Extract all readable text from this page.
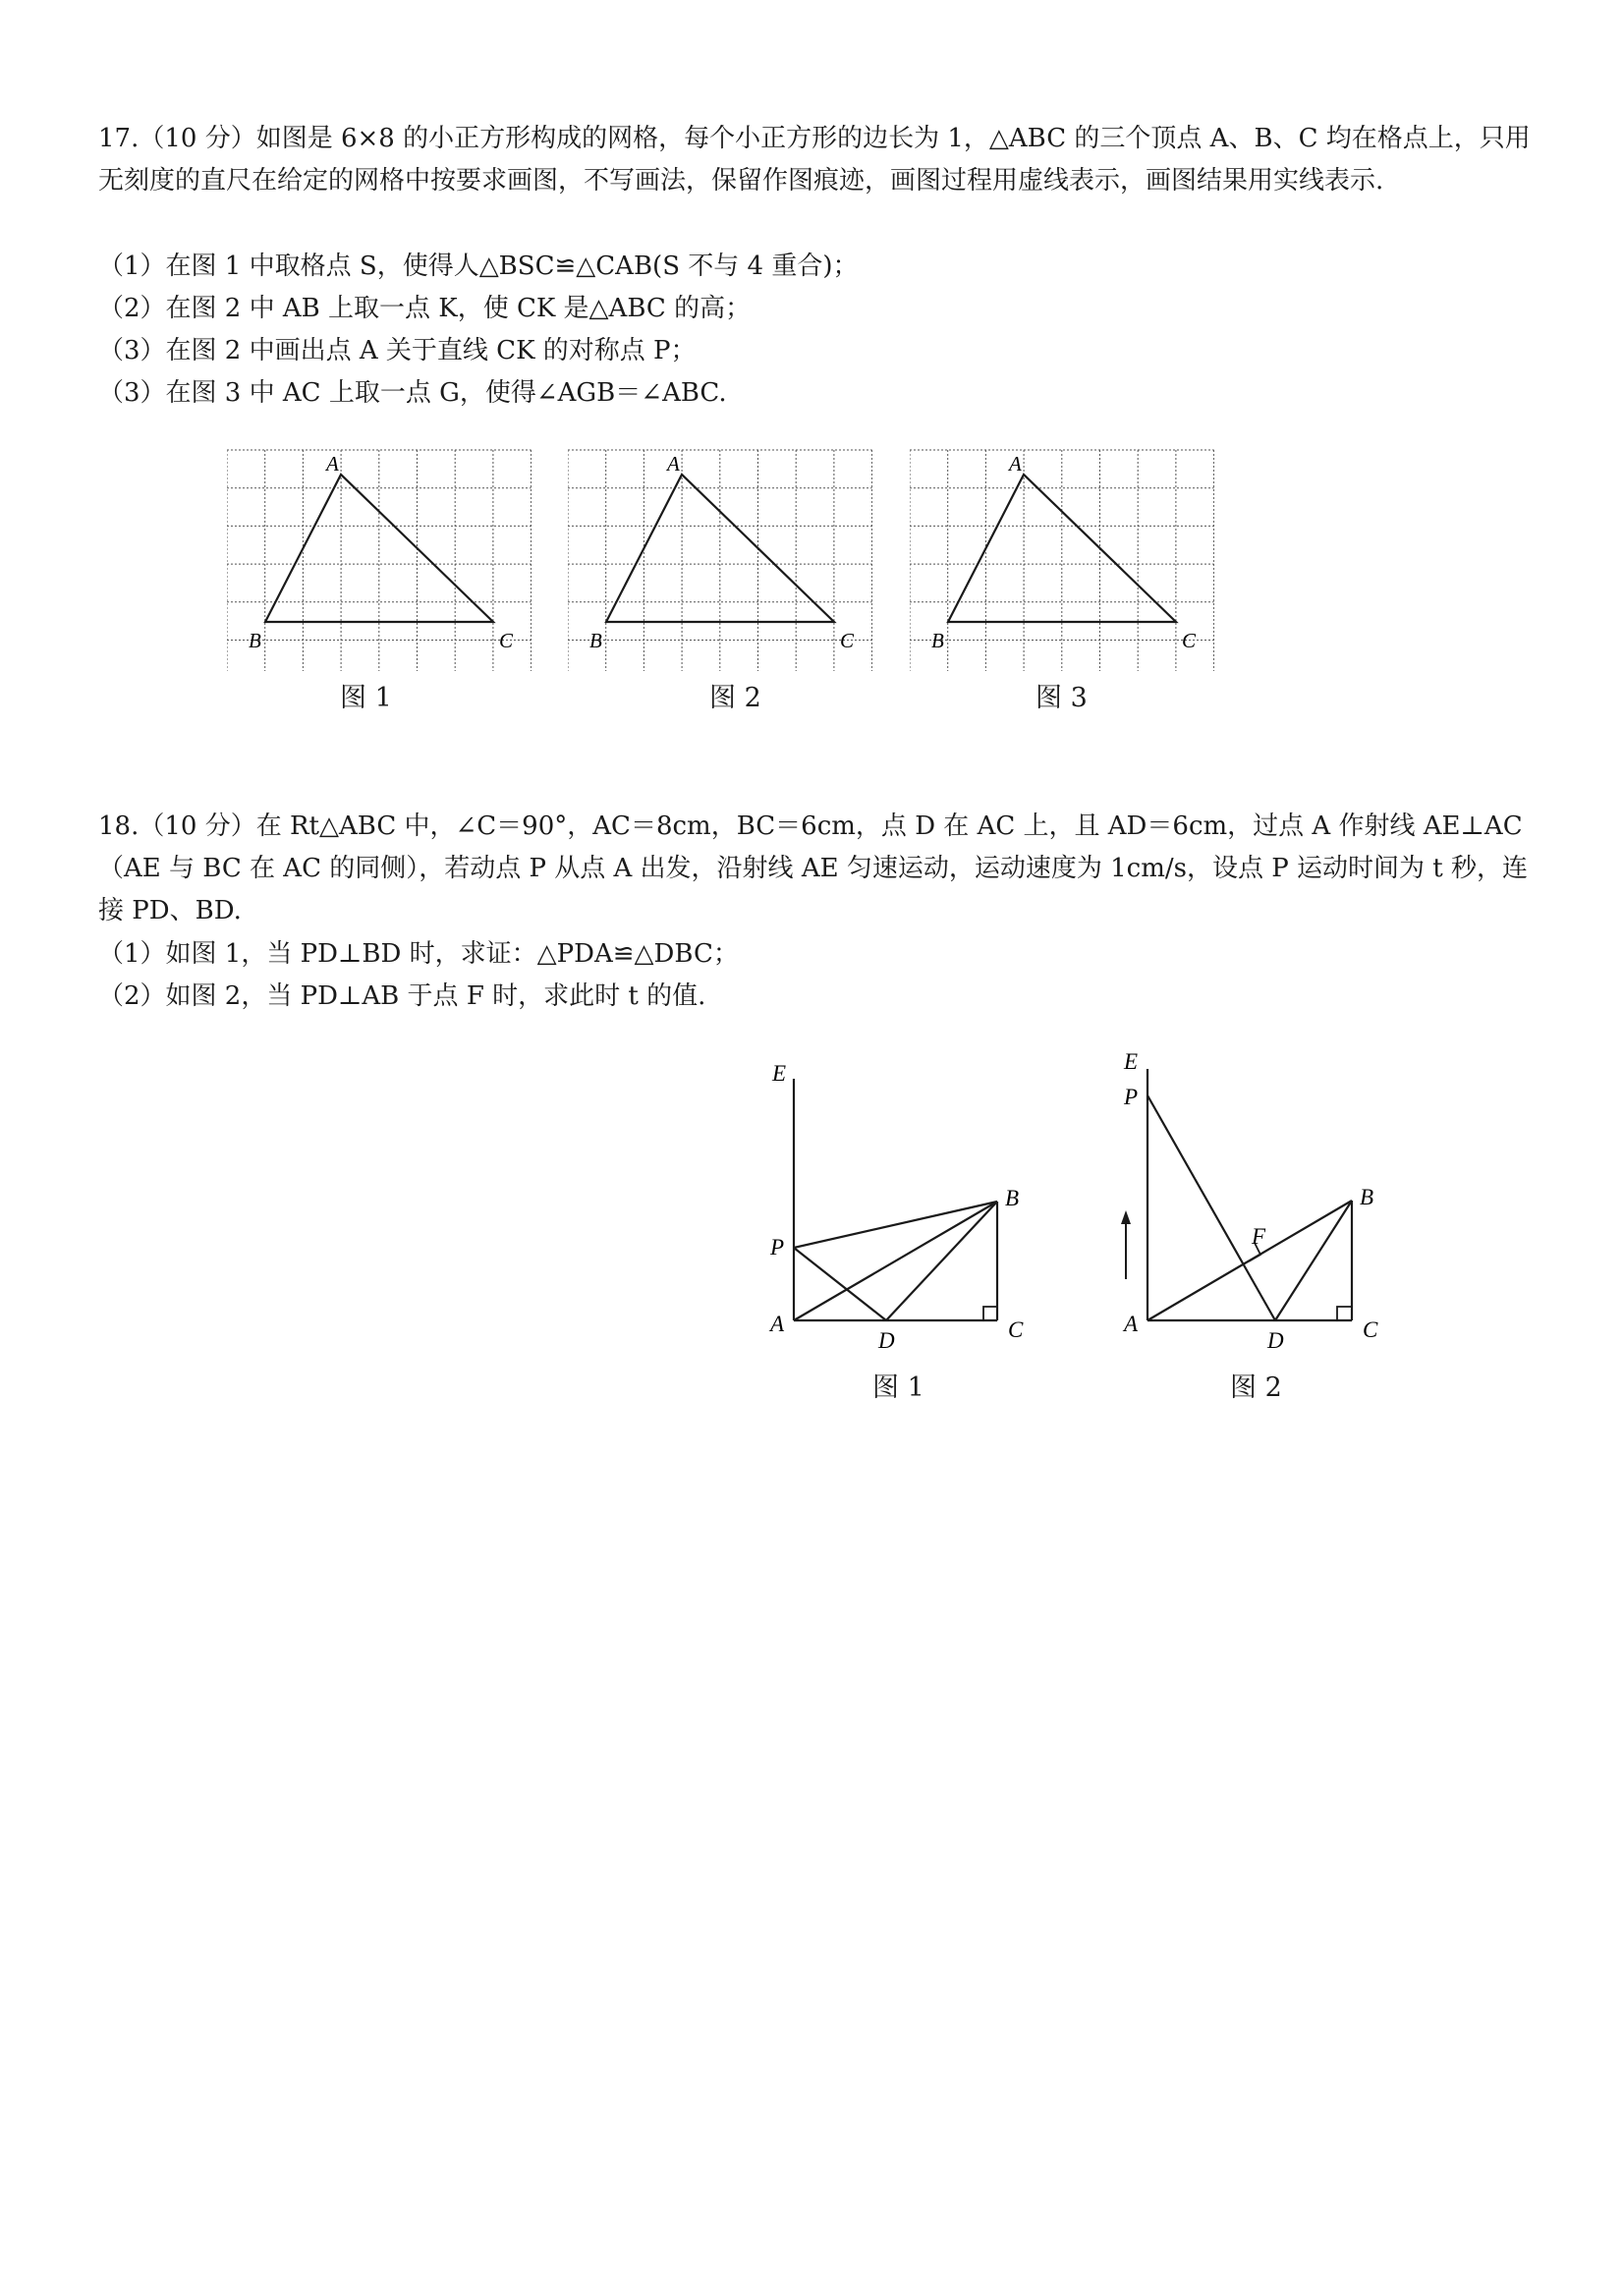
17.（10 分）如图是 6×8 的小正方形构成的网格，每个小正方形的边长为 1，△ABC 的三个顶点 A、B、C 均在格点上，只用无刻度的直尺在给定的网格中按要求画图，不写画法，保留作图痕迹，画图过程用虚线表示，画图结果用实线表示.
（1）在图 1 中取格点 S，使得人△BSC≌△CAB(S 不与 4 重合)；
（2）在图 2 中 AB 上取一点 K，使 CK 是△ABC 的高；
（3）在图 2 中画出点 A 关于直线 CK 的对称点 P；
（3）在图 3 中 AC 上取一点 G，使得∠AGB＝∠ABC.
A
B	C
图 1
A
B	C
图 2
A
B	C
图 3
18.（10 分）在 Rt△ABC 中，∠C＝90°，AC＝8cm，BC＝6cm，点 D 在 AC 上，且 AD＝6cm，过点 A 作射线 AE⊥AC（AE 与 BC 在 AC 的同侧），若动点 P 从点 A 出发，沿射线 AE 匀速运动，运动速度为 1cm/s，设点 P 运动时间为 t 秒，连接 PD、BD.
（1）如图 1，当 PD⊥BD 时，求证：△PDA≌△DBC；
（2）如图 2，当 PD⊥AB 于点 F 时，求此时 t 的值.
E
P
A
D
B
C
图 1
E
P
A
D
B
C
F
图 2
